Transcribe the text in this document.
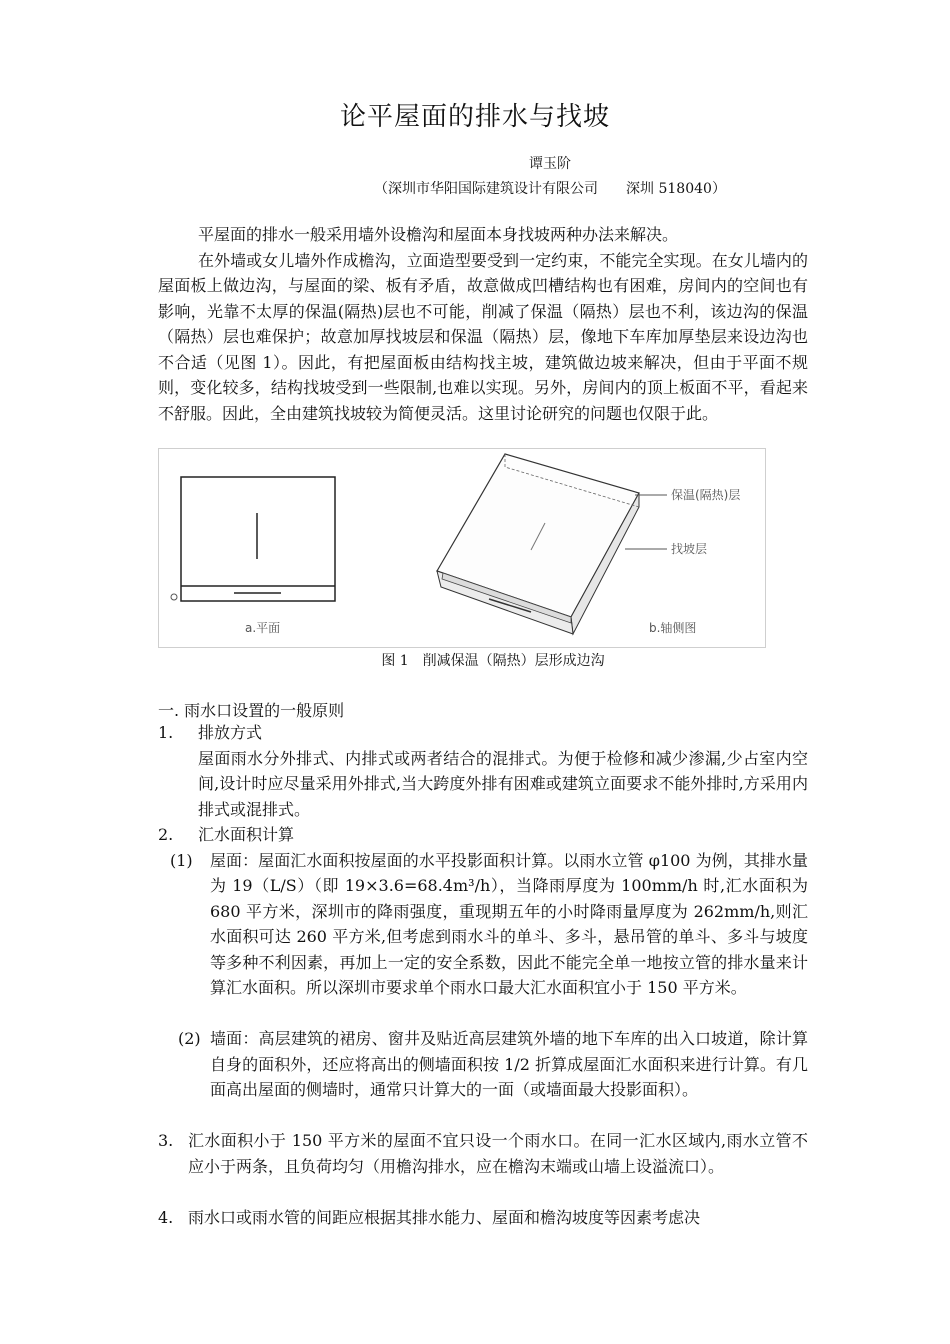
论平屋面的排水与找坡
谭玉阶
（深圳市华阳国际建筑设计有限公司　　深圳 518040）

平屋面的排水一般采用墙外设檐沟和屋面本身找坡两种办法来解决。

在外墙或女儿墙外作成檐沟，立面造型要受到一定约束，不能完全实现。在女儿墙内的屋面板上做边沟，与屋面的梁、板有矛盾，故意做成凹槽结构也有困难，房间内的空间也有影响，光靠不太厚的保温(隔热)层也不可能，削减了保温（隔热）层也不利，该边沟的保温（隔热）层也难保护；故意加厚找坡层和保温（隔热）层，像地下车库加厚垫层来设边沟也不合适（见图 1）。因此，有把屋面板由结构找主坡，建筑做边坡来解决，但由于平面不规则，变化较多，结构找坡受到一些限制,也难以实现。另外，房间内的顶上板面不平，看起来不舒服。因此，全由建筑找坡较为简便灵活。这里讨论研究的问题也仅限于此。

a.平面
保温(隔热)层
找坡层
b.轴侧图
图 1　削减保温（隔热）层形成边沟
一. 雨水口设置的一般原则
1. 排放方式
屋面雨水分外排式、内排式或两者结合的混排式。为便于检修和减少渗漏,少占室内空间,设计时应尽量采用外排式,当大跨度外排有困难或建筑立面要求不能外排时,方采用内排式或混排式。
2. 汇水面积计算
(1) 屋面：屋面汇水面积按屋面的水平投影面积计算。以雨水立管 φ100 为例，其排水量为 19（L/S）（即 19×3.6=68.4m³/h），当降雨厚度为 100mm/h 时,汇水面积为 680 平方米，深圳市的降雨强度，重现期五年的小时降雨量厚度为 262mm/h,则汇水面积可达 260 平方米,但考虑到雨水斗的单斗、多斗，悬吊管的单斗、多斗与坡度等多种不利因素，再加上一定的安全系数，因此不能完全单一地按立管的排水量来计算汇水面积。所以深圳市要求单个雨水口最大汇水面积宜小于 150 平方米。
(2) 墙面：高层建筑的裙房、窗井及贴近高层建筑外墙的地下车库的出入口坡道，除计算自身的面积外，还应将高出的侧墙面积按 1/2 折算成屋面汇水面积来进行计算。有几面高出屋面的侧墙时，通常只计算大的一面（或墙面最大投影面积）。
3. 汇水面积小于 150 平方米的屋面不宜只设一个雨水口。在同一汇水区域内,雨水立管不应小于两条，且负荷均匀（用檐沟排水，应在檐沟末端或山墙上设溢流口）。
4. 雨水口或雨水管的间距应根据其排水能力、屋面和檐沟坡度等因素考虑决
